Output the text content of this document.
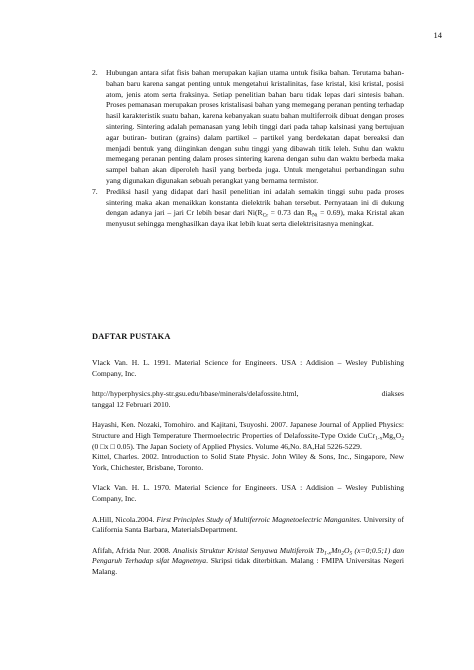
14
2. Hubungan antara sifat fisis bahan merupakan kajian utama untuk fisika bahan. Terutama bahan-bahan baru karena sangat penting untuk mengetahui kristalinitas, fase kristal, kisi kristal, posisi atom, jenis atom serta fraksinya. Setiap penelitian bahan baru tidak lepas dari sintesis bahan. Proses pemanasan merupakan proses kristalisasi bahan yang memegang peranan penting terhadap hasil karakteristik suatu bahan, karena kebanyakan suatu bahan multiferroik dibuat dengan proses sintering. Sintering adalah pemanasan yang lebih tinggi dari pada tahap kalsinasi yang bertujuan agar butiran- butiran (grains) dalam partikel – partikel yang berdekatan dapat bereaksi dan menjadi bentuk yang diinginkan dengan suhu tinggi yang dibawah titik leleh. Suhu dan waktu memegang peranan penting dalam proses sintering karena dengan suhu dan waktu berbeda maka sampel bahan akan diperoleh hasil yang berbeda juga. Untuk mengetahui perbandingan suhu yang digunakan digunakan sebuah perangkat yang bernama termistor.

7. Prediksi hasil yang didapat dari hasil penelitian ini adalah semakin tinggi suhu pada proses sintering maka akan menaikkan konstanta dielektrik bahan tersebut. Pernyataan ini di dukung dengan adanya jari – jari Cr lebih besar dari $Ni(R_{Cr} = 0.73$ dan $R_{Ni} = 0.69$), maka Kristal akan menyusut sehingga menghasilkan daya ikat lebih kuat serta dielektrisitasnya meningkat.

DAFTAR PUSTAKA

Vlack Van. H. L. 1991. Material Science for Engineers. USA : Addision – Wesley Publishing Company, Inc.

http://hyperphysics.phy-str.gsu.edu/hbase/minerals/delafossite.html,	diakses
tanggal 12 Februari 2010.

Hayashi, Ken. Nozaki, Tomohiro. and Kajitani, Tsuyoshi. 2007. Japanese Journal of Applied Physics: Structure and High Temperature Thermoelectric Properties of Delafossite-Type Oxide $CuCr_{1-x}Mg_xO_2$ (0 □x □ 0.05). The Japan Society of Applied Physics. Volume 46,No. 8A,Hal 5226-5229.

Kittel, Charles. 2002. Introduction to Solid State Physic. John Wiley & Sons, Inc., Singapore, New York, Chichester, Brisbane, Toronto.

Vlack Van. H. L. 1970. Material Science for Engineers. USA : Addision – Wesley Publishing Company, Inc.

A.Hill, Nicola.2004. First Principles Study of Multiferroic Magnetoelectric Manganites. University of California Santa Barbara, MaterialsDepartment.

Afifah, Afrida Nur. 2008. Analisis Struktur Kristal Senyawa Multiferoik $Tb_{1-x}Mn_2O_5$ (x=0;0.5;1) dan Pengaruh Terhadap sifat Magnetnya. Skripsi tidak diterbitkan. Malang : FMIPA Universitas Negeri Malang.
